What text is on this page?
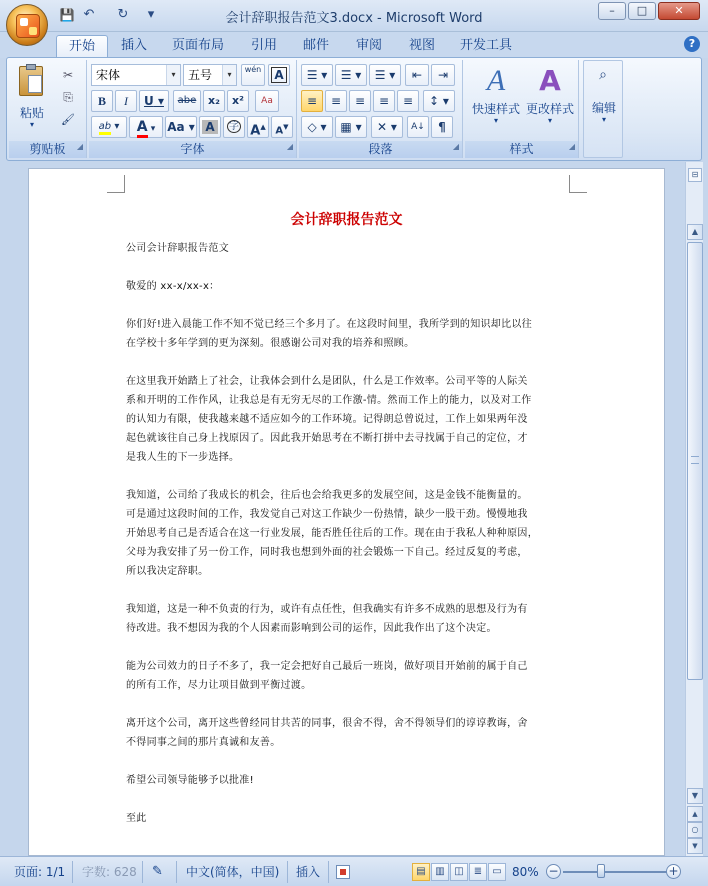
💾 ↶ ↻	▾	会计辞职报告范文3.docx - Microsoft Word
–	□	✕
开始	插入	页面布局	引用	邮件	审阅	视图	开发工具	?
粘贴
▾
✂
⎘
🖌
剪贴板 ◢
宋体	▾	五号	▾
wén	A
B	I	U ▾	abe	x₂	x²	Aa
ab ▾	A ▾ Aa ▾ A	字 A▲ A▼
字体	◢
☰ ▾	☰ ▾	☰ ▾	⇤	⇥
≡	≡	≡	≡	≡	↕ ▾
◇ ▾	▦ ▾	✕ ▾	A↓	¶
段落	◢
A
快速样式
▾
A
更改样式
▾
样式	◢
⌕
编辑
▾
会计辞职报告范文
公司会计辞职报告范文
敬爱的 xx-x/xx-x：
你们好!进入晨能工作不知不觉已经三个多月了。在这段时间里，我所学到的知识却比以往
在学校十多年学到的更为深刻。很感谢公司对我的培养和照顾。
在这里我开始踏上了社会，让我体会到什么是团队，什么是工作效率。公司平等的人际关
系和开明的工作作风，让我总是有无穷无尽的工作激-情。然而工作上的能力，以及对工作
的认知力有限，使我越来越不适应如今的工作环境。记得朗总曾说过，工作上如果两年没
起色就该往自己身上找原因了。因此我开始思考在不断打拼中去寻找属于自己的定位，才
是我人生的下一步选择。
我知道，公司给了我成长的机会，往后也会给我更多的发展空间，这是金钱不能衡量的。
可是通过这段时间的工作，我发觉自己对这工作缺少一份热情，缺少一股干劲。慢慢地我
开始思考自己是否适合在这一行业发展，能否胜任往后的工作。现在由于我私人种种原因，
父母为我安排了另一份工作，同时我也想到外面的社会锻炼一下自己。经过反复的考虑，
所以我决定辞职。
我知道，这是一种不负责的行为，或许有点任性，但我确实有许多不成熟的思想及行为有
待改进。我不想因为我的个人因素而影响到公司的运作，因此我作出了这个决定。
能为公司效力的日子不多了，我一定会把好自己最后一班岗，做好项目开始前的属于自己
的所有工作，尽力让项目做到平衡过渡。
离开这个公司，离开这些曾经同甘共苦的同事，很舍不得，舍不得领导们的谆谆教诲，舍
不得同事之间的那片真诚和友善。
希望公司领导能够予以批准!
至此
⊟
▲
▼
▲
○
▼
页面: 1/1 字数: 628 ✎ 中文(简体，中国) 插入	▤ ▥ ◫	≣	▭ 80% −	+
